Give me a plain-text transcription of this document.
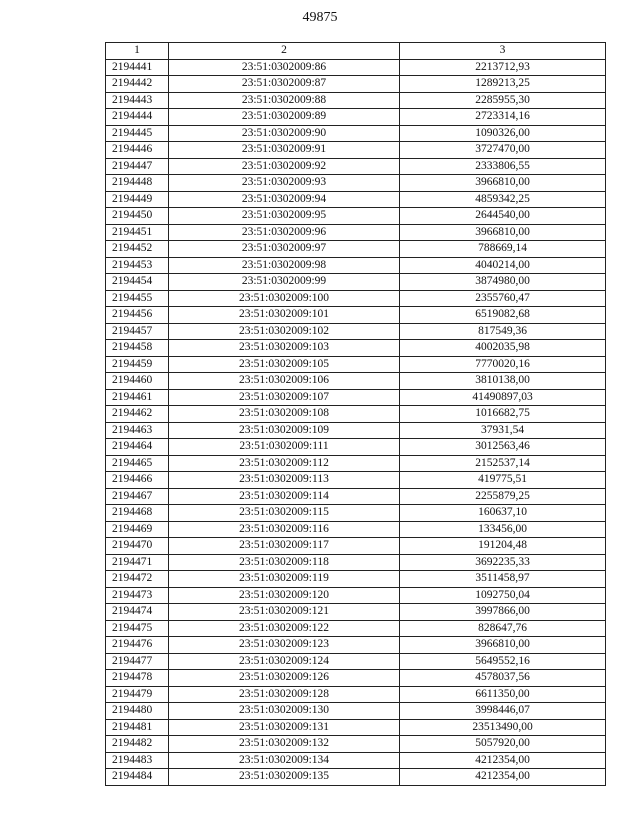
49875
1	2	3
2194441	23:51:0302009:86	2213712,93
2194442	23:51:0302009:87	1289213,25
2194443	23:51:0302009:88	2285955,30
2194444	23:51:0302009:89	2723314,16
2194445	23:51:0302009:90	1090326,00
2194446	23:51:0302009:91	3727470,00
2194447	23:51:0302009:92	2333806,55
2194448	23:51:0302009:93	3966810,00
2194449	23:51:0302009:94	4859342,25
2194450	23:51:0302009:95	2644540,00
2194451	23:51:0302009:96	3966810,00
2194452	23:51:0302009:97	788669,14
2194453	23:51:0302009:98	4040214,00
2194454	23:51:0302009:99	3874980,00
2194455	23:51:0302009:100	2355760,47
2194456	23:51:0302009:101	6519082,68
2194457	23:51:0302009:102	817549,36
2194458	23:51:0302009:103	4002035,98
2194459	23:51:0302009:105	7770020,16
2194460	23:51:0302009:106	3810138,00
2194461	23:51:0302009:107	41490897,03
2194462	23:51:0302009:108	1016682,75
2194463	23:51:0302009:109	37931,54
2194464	23:51:0302009:111	3012563,46
2194465	23:51:0302009:112	2152537,14
2194466	23:51:0302009:113	419775,51
2194467	23:51:0302009:114	2255879,25
2194468	23:51:0302009:115	160637,10
2194469	23:51:0302009:116	133456,00
2194470	23:51:0302009:117	191204,48
2194471	23:51:0302009:118	3692235,33
2194472	23:51:0302009:119	3511458,97
2194473	23:51:0302009:120	1092750,04
2194474	23:51:0302009:121	3997866,00
2194475	23:51:0302009:122	828647,76
2194476	23:51:0302009:123	3966810,00
2194477	23:51:0302009:124	5649552,16
2194478	23:51:0302009:126	4578037,56
2194479	23:51:0302009:128	6611350,00
2194480	23:51:0302009:130	3998446,07
2194481	23:51:0302009:131	23513490,00
2194482	23:51:0302009:132	5057920,00
2194483	23:51:0302009:134	4212354,00
2194484	23:51:0302009:135	4212354,00
